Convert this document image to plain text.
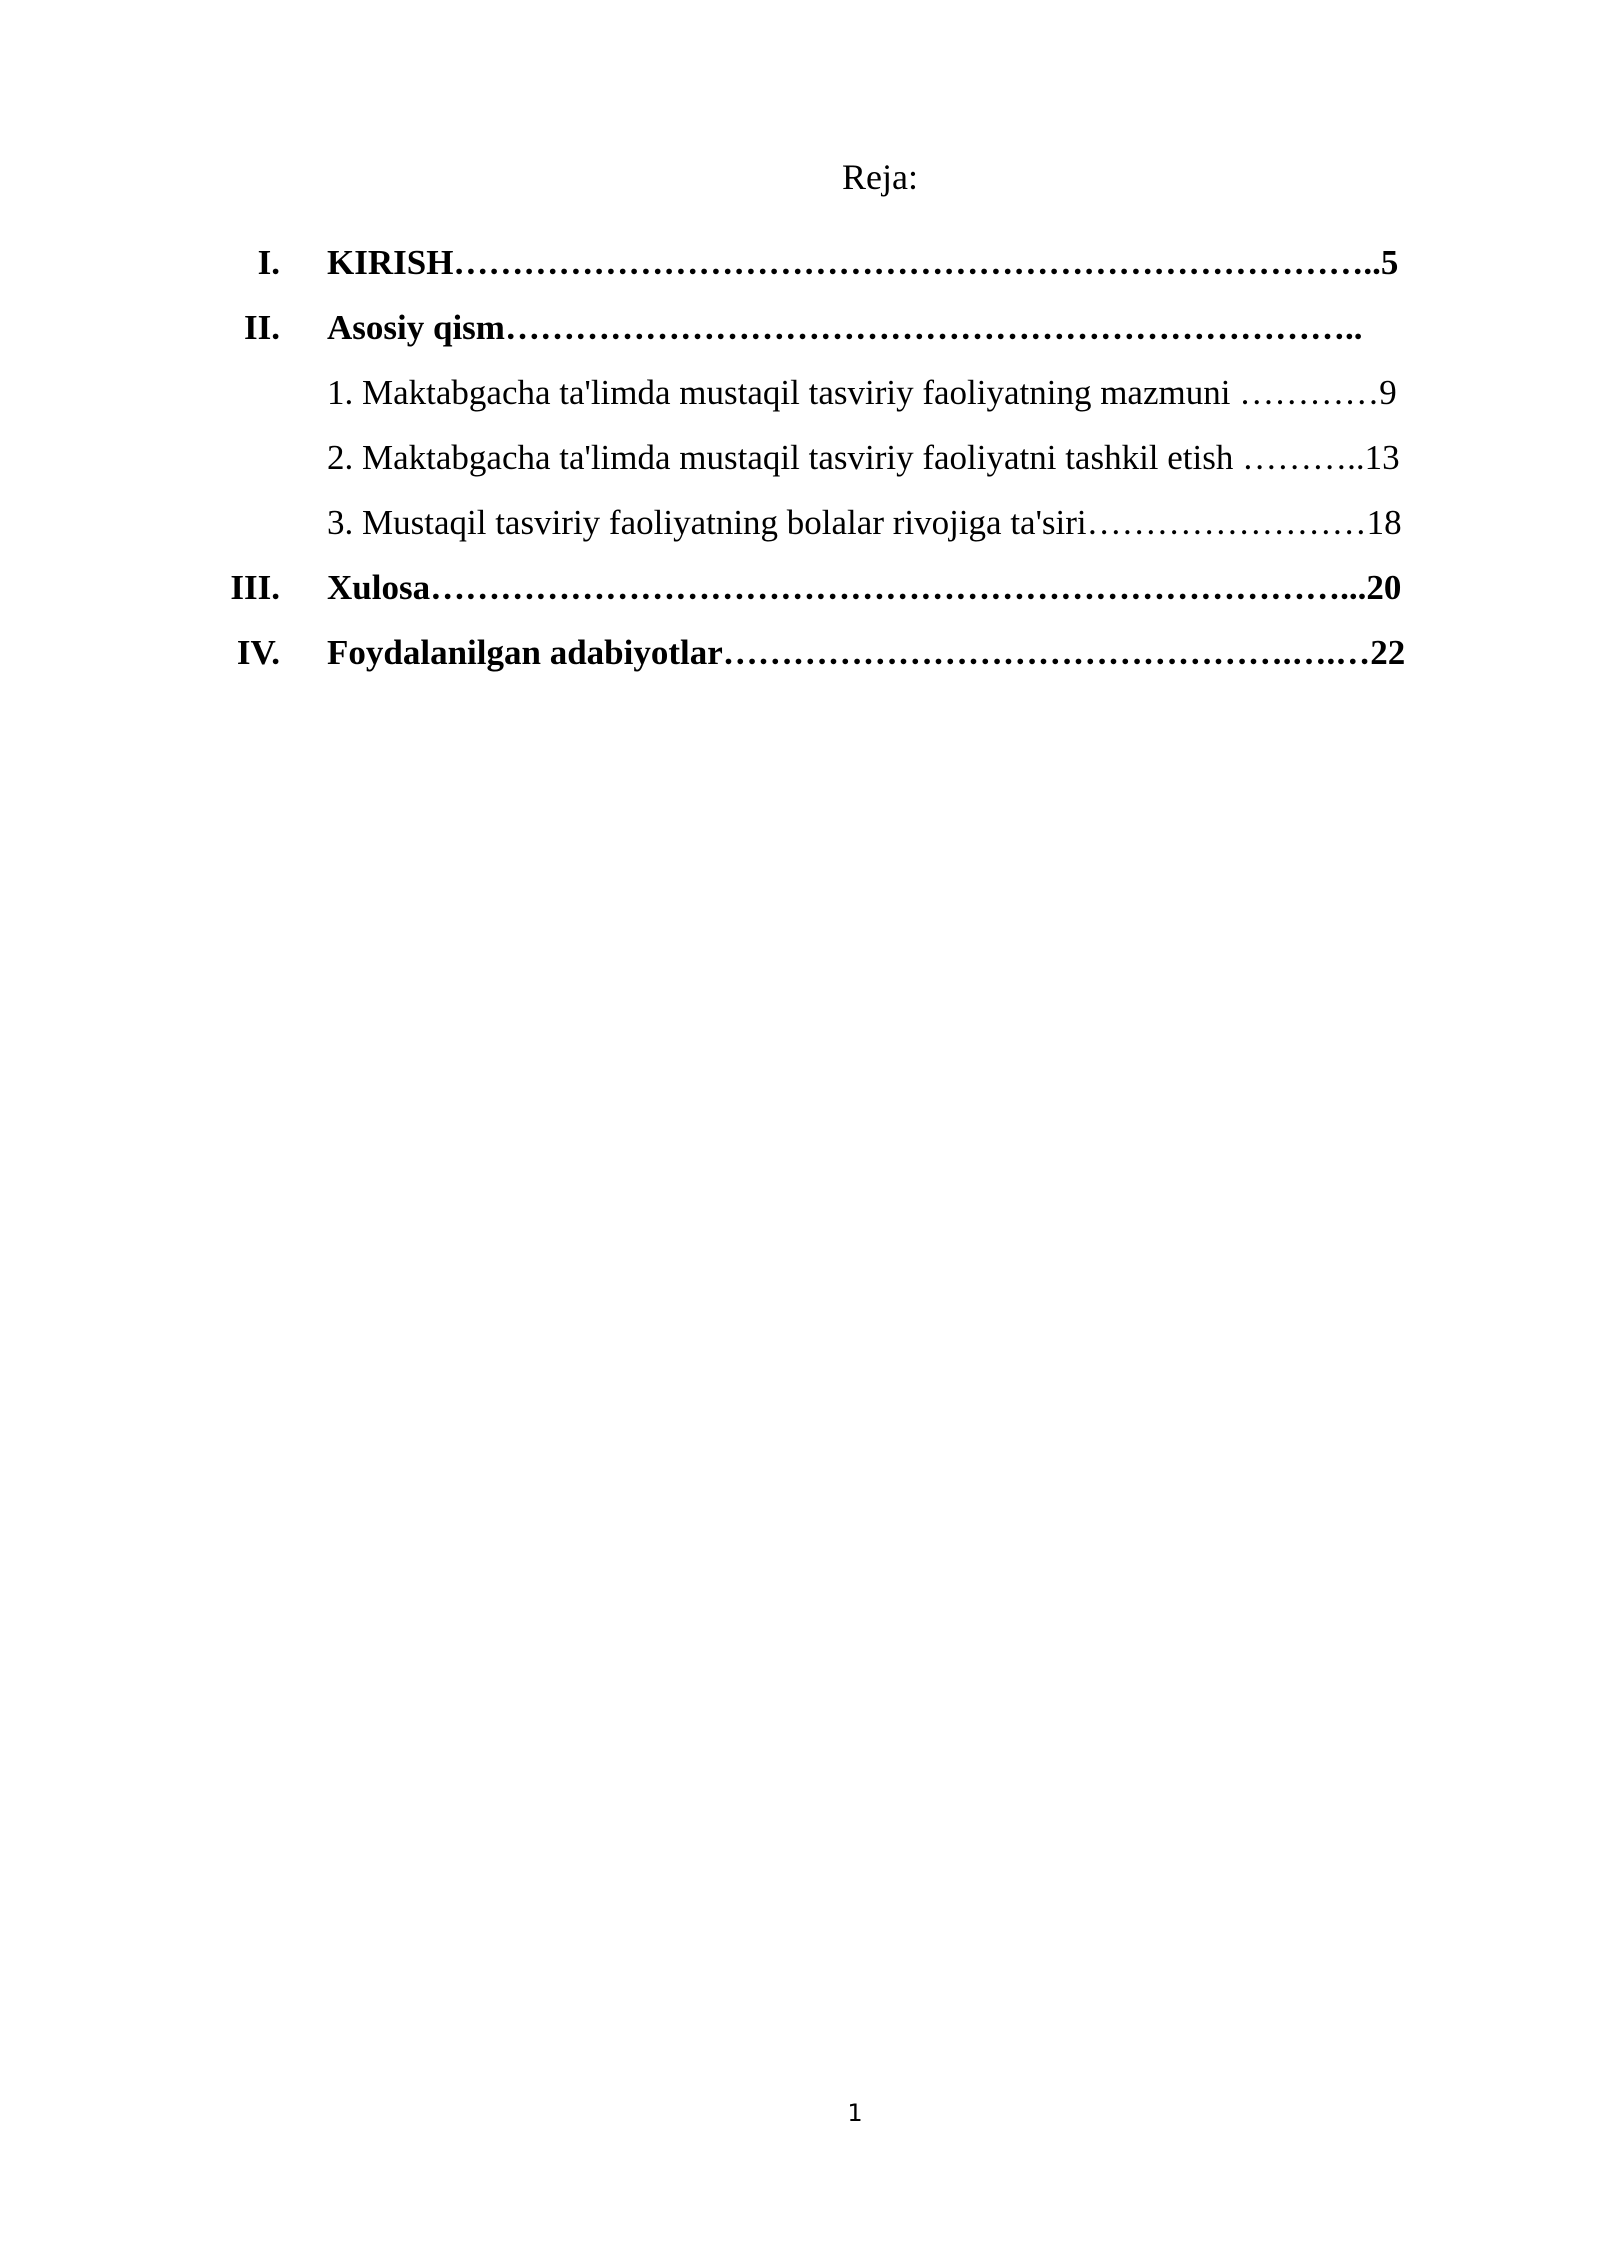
Reja:
I. KIRISH……………………………………………………………………..5
II. Asosiy qism………………………………………………………………..
1. Maktabgacha ta'limda mustaqil tasviriy faoliyatning mazmuni …………9
2. Maktabgacha ta'limda mustaqil tasviriy faoliyatni tashkil etish ………..13
3. Mustaqil tasviriy faoliyatning bolalar rivojiga ta'siri……………………18
III. Xulosa……………………………………………………………………...20
IV. Foydalanilgan adabiyotlar………………………………………….….…22
1
